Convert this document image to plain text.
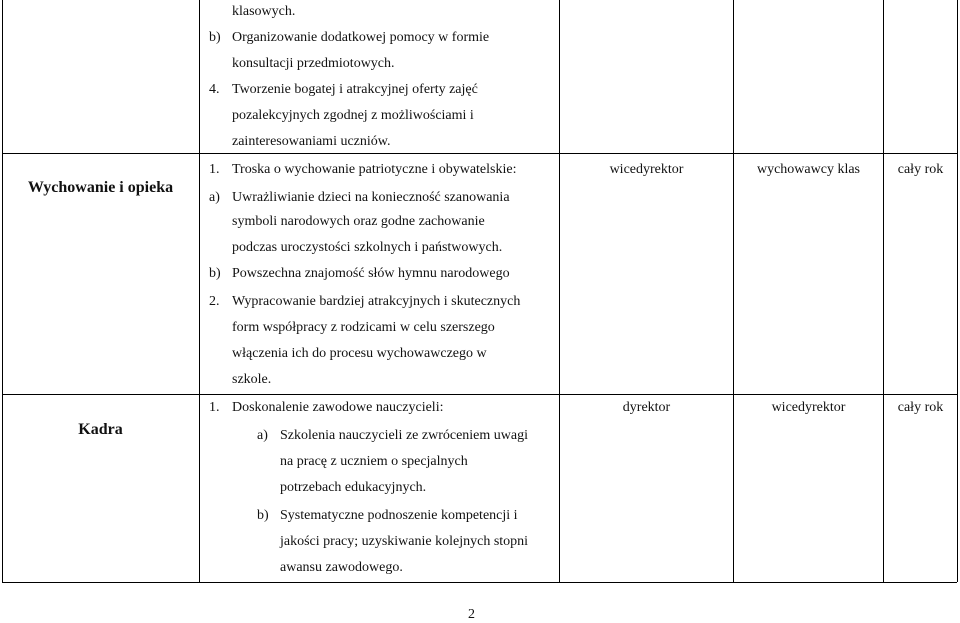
klasowych.
b) Organizowanie dodatkowej pomocy w formie
konsultacji przedmiotowych.
4. Tworzenie bogatej i atrakcyjnej oferty zajęć
pozalekcyjnych zgodnej z możliwościami i
zainteresowaniami uczniów.
Wychowanie i opieka
1. Troska o wychowanie patriotyczne i obywatelskie:
a) Uwrażliwianie dzieci na konieczność szanowania
symboli narodowych oraz godne zachowanie
podczas uroczystości szkolnych i państwowych.
b) Powszechna znajomość słów hymnu narodowego
2. Wypracowanie bardziej atrakcyjnych i skutecznych
form współpracy z rodzicami w celu szerszego
włączenia ich do procesu wychowawczego w
szkole.
wicedyrektor	wychowawcy klas	cały rok
Kadra
1. Doskonalenie zawodowe nauczycieli:
a) Szkolenia nauczycieli ze zwróceniem uwagi
na pracę z uczniem o specjalnych
potrzebach edukacyjnych.
b) Systematyczne podnoszenie kompetencji i
jakości pracy; uzyskiwanie kolejnych stopni
awansu zawodowego.
dyrektor	wicedyrektor	cały rok
2
